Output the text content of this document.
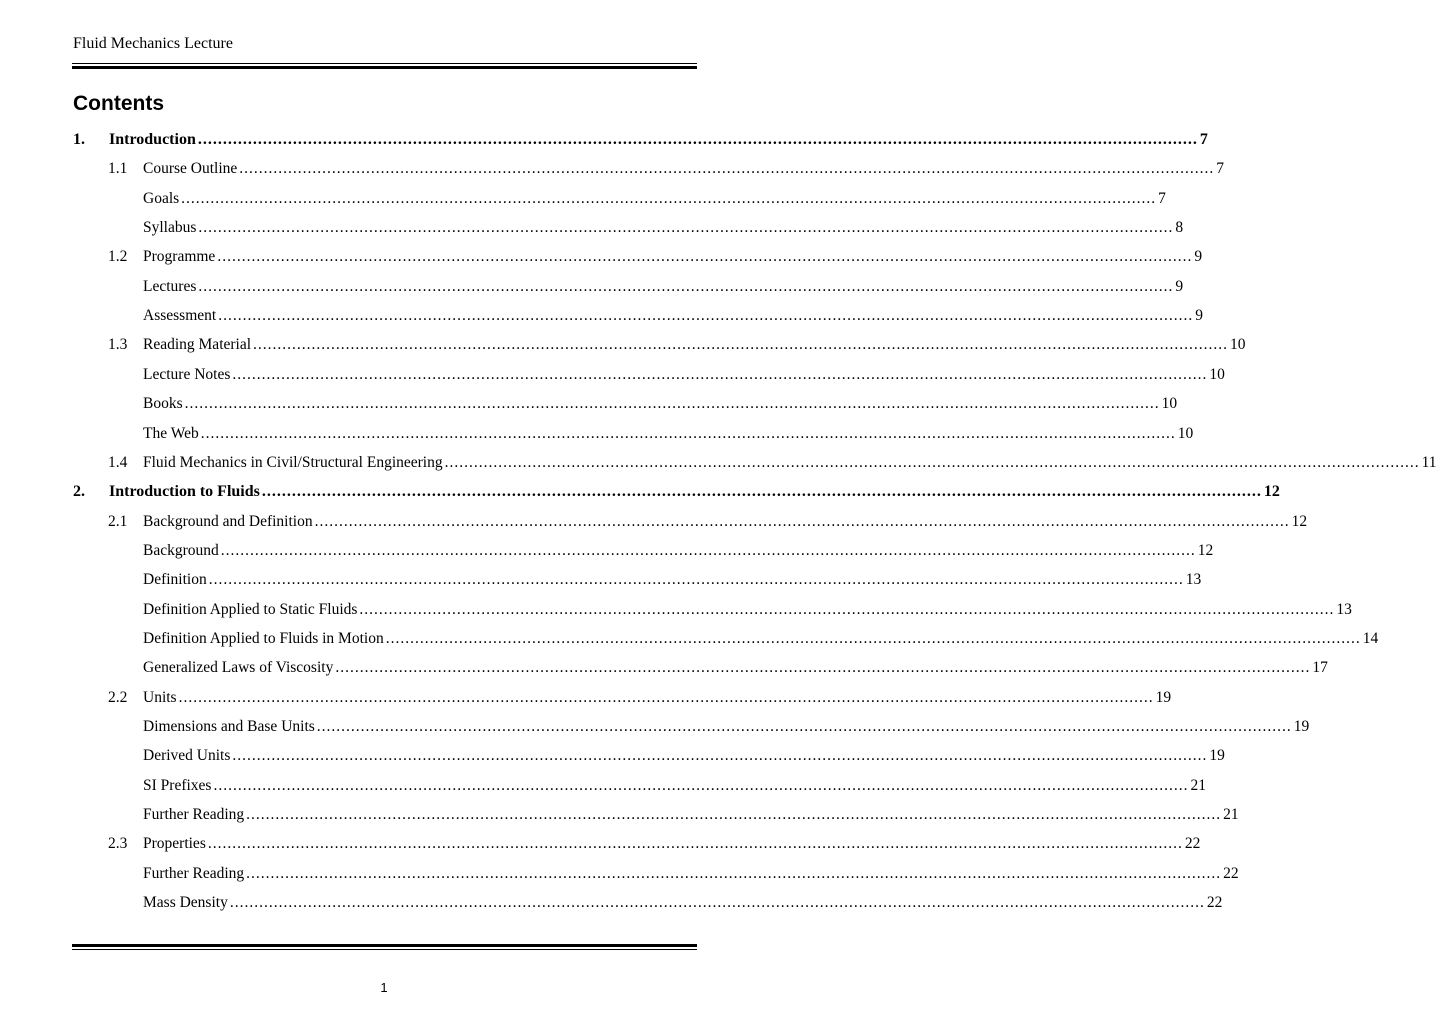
Fluid Mechanics Lecture
Contents
1.	Introduction ........................................................................................................................................................................................................ 7
1.1	Course Outline ........................................................................................................................................................................................................ 7
Goals ........................................................................................................................................................................................................ 7
Syllabus ........................................................................................................................................................................................................ 8
1.2	Programme ........................................................................................................................................................................................................ 9
Lectures ........................................................................................................................................................................................................ 9
Assessment ........................................................................................................................................................................................................ 9
1.3	Reading Material ........................................................................................................................................................................................................ 10
Lecture Notes ........................................................................................................................................................................................................ 10
Books ........................................................................................................................................................................................................ 10
The Web ........................................................................................................................................................................................................ 10
1.4	Fluid Mechanics in Civil/Structural Engineering ........................................................................................................................................................................................................ 11
2.	Introduction to Fluids ........................................................................................................................................................................................................ 12
2.1	Background and Definition ........................................................................................................................................................................................................ 12
Background ........................................................................................................................................................................................................ 12
Definition ........................................................................................................................................................................................................ 13
Definition Applied to Static Fluids ........................................................................................................................................................................................................ 13
Definition Applied to Fluids in Motion ........................................................................................................................................................................................................ 14
Generalized Laws of Viscosity ........................................................................................................................................................................................................ 17
2.2	Units ........................................................................................................................................................................................................ 19
Dimensions and Base Units ........................................................................................................................................................................................................ 19
Derived Units ........................................................................................................................................................................................................ 19
SI Prefixes ........................................................................................................................................................................................................ 21
Further Reading ........................................................................................................................................................................................................ 21
2.3	Properties ........................................................................................................................................................................................................ 22
Further Reading ........................................................................................................................................................................................................ 22
Mass Density ........................................................................................................................................................................................................ 22
1
